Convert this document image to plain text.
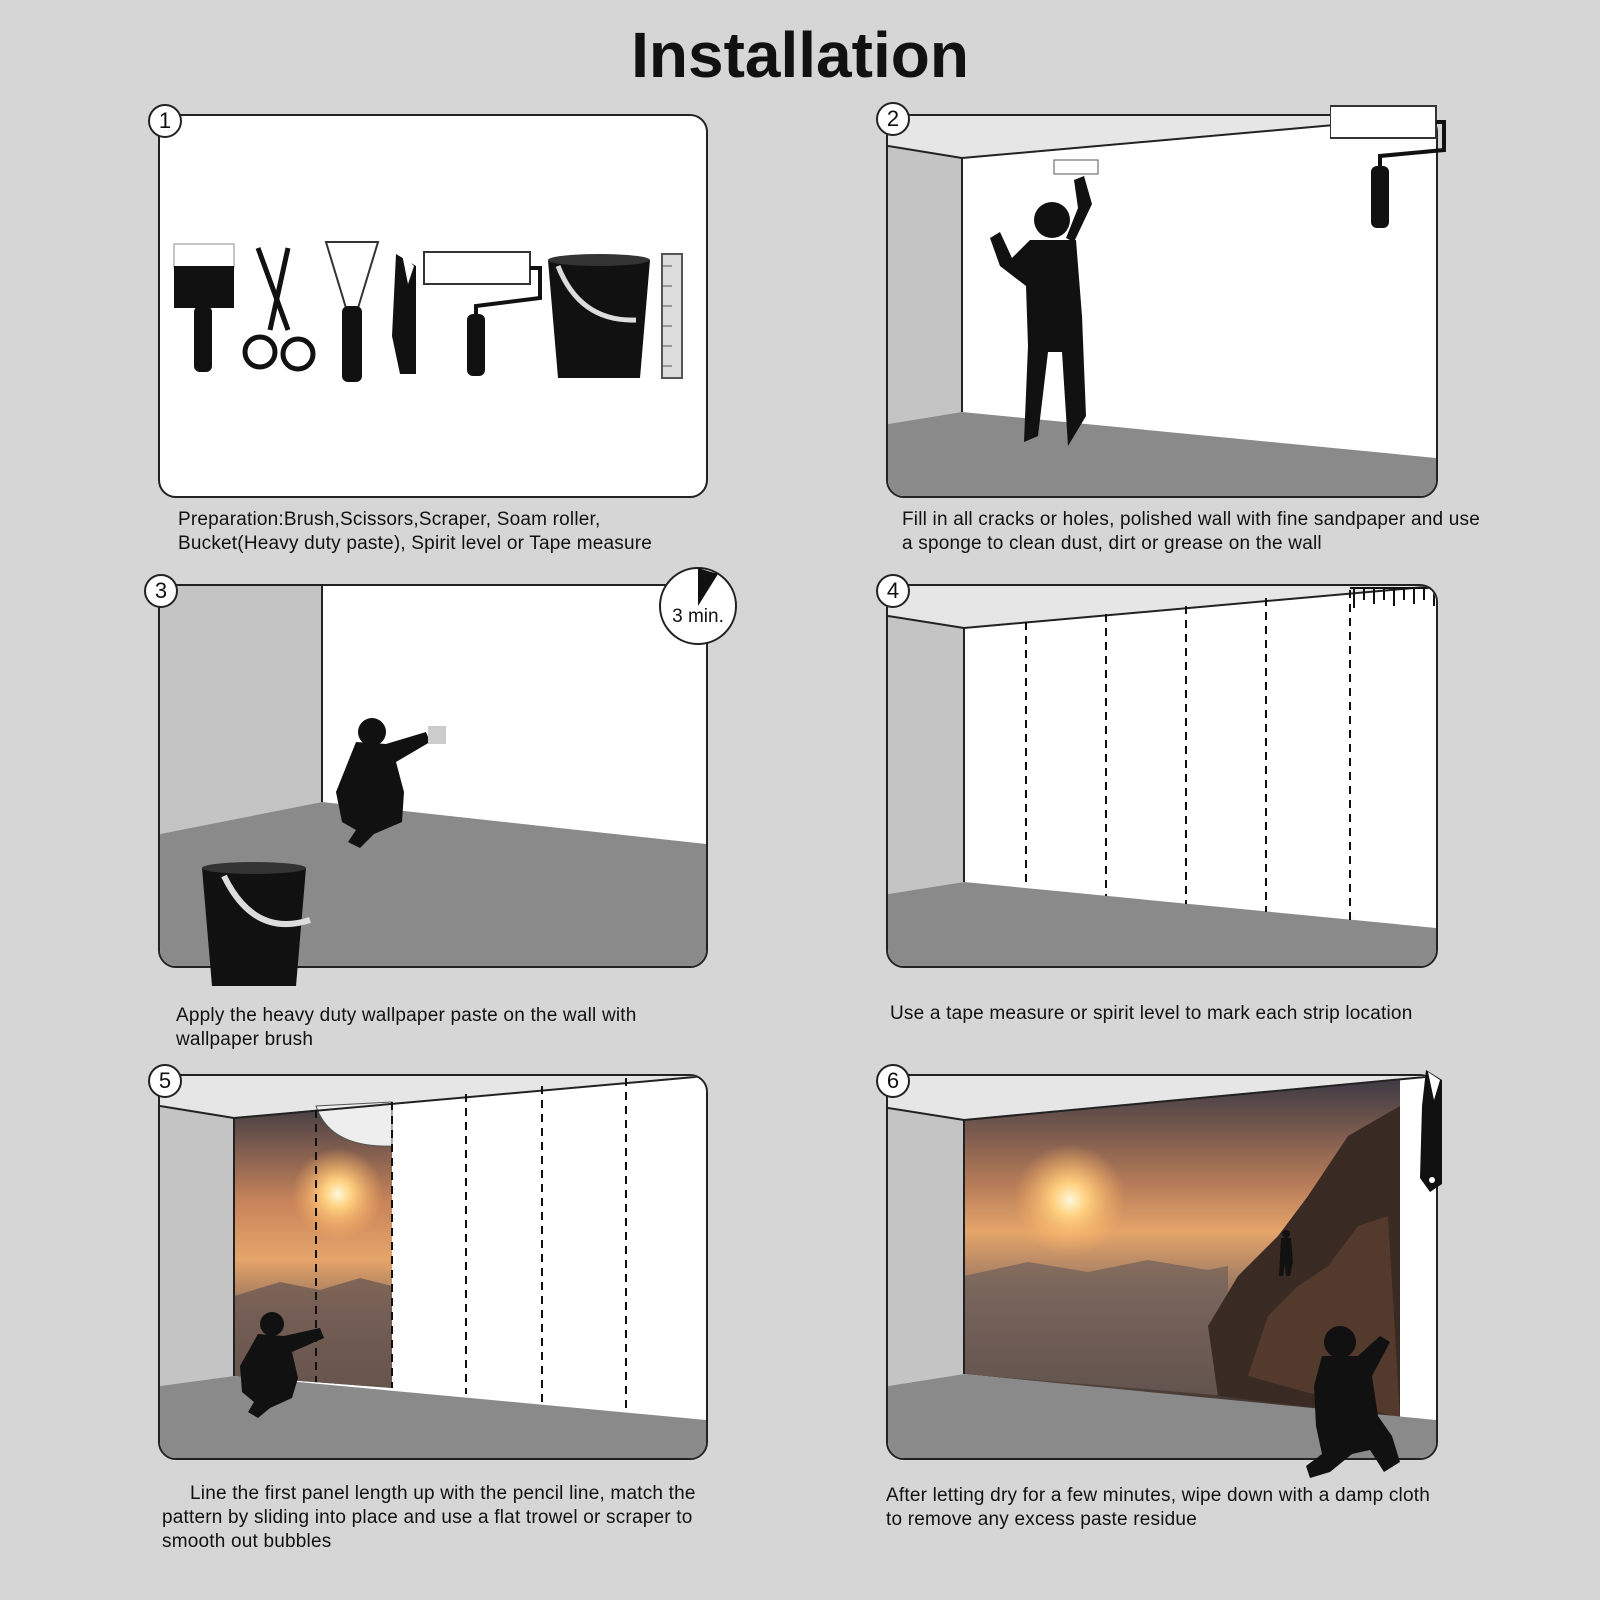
Installation
1
Preparation:Brush,Scissors,Scraper, Soam roller, Bucket(Heavy duty paste), Spirit level or Tape measure
2
Fill in all cracks or holes, polished wall with fine sandpaper and use a sponge to clean dust, dirt or grease on the wall
3
3 min.
Apply the heavy duty wallpaper paste on the wall with wallpaper brush
4
Use a tape measure or spirit level to mark each strip location
5
Line the first panel length up with the pencil line, match the pattern by sliding into place and use a flat trowel or scraper to smooth out bubbles
6
After letting dry for a few minutes, wipe down with a damp cloth to remove any excess paste residue
